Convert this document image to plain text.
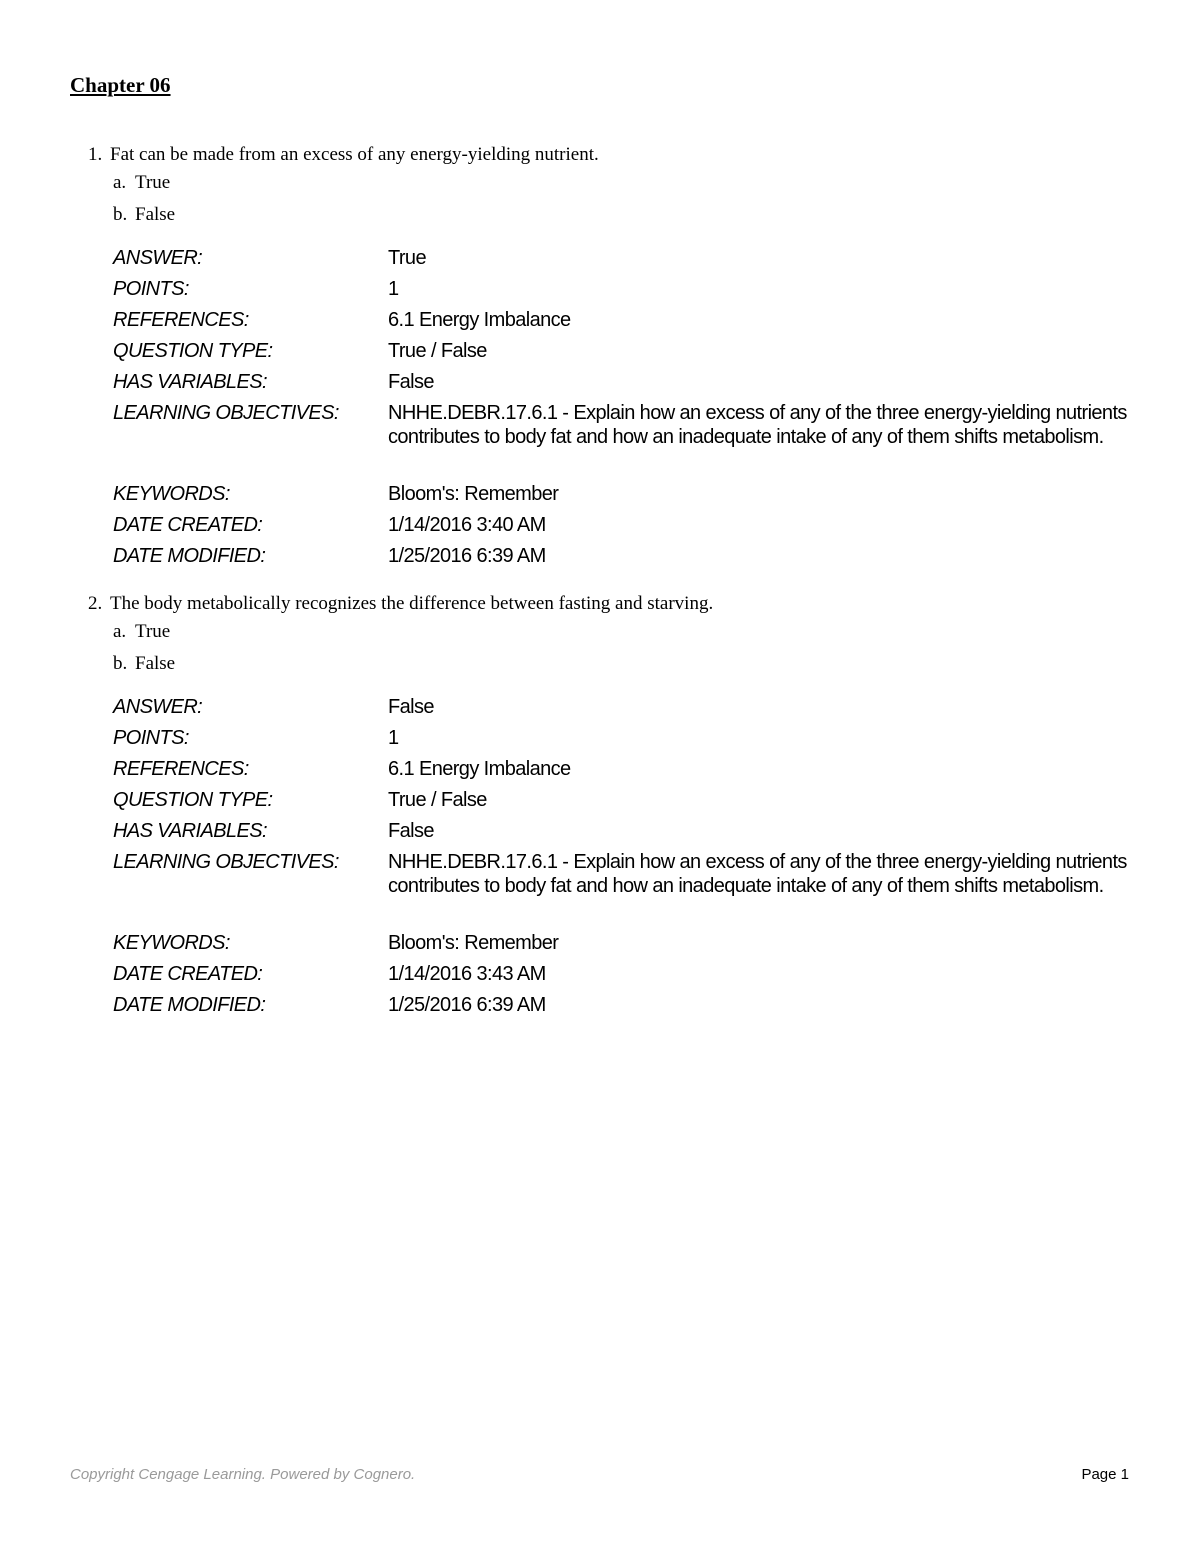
Chapter 06
1. Fat can be made from an excess of any energy-yielding nutrient.
a. True
b. False
ANSWER:	True
POINTS:	1
REFERENCES:	6.1 Energy Imbalance
QUESTION TYPE:	True / False
HAS VARIABLES:	False
LEARNING OBJECTIVES:	NHHE.DEBR.17.6.1 - Explain how an excess of any of the three energy-yielding nutrients contributes to body fat and how an inadequate intake of any of them shifts metabolism.
KEYWORDS:	Bloom's: Remember
DATE CREATED:	1/14/2016 3:40 AM
DATE MODIFIED:	1/25/2016 6:39 AM
2. The body metabolically recognizes the difference between fasting and starving.
a. True
b. False
ANSWER:	False
POINTS:	1
REFERENCES:	6.1 Energy Imbalance
QUESTION TYPE:	True / False
HAS VARIABLES:	False
LEARNING OBJECTIVES:	NHHE.DEBR.17.6.1 - Explain how an excess of any of the three energy-yielding nutrients contributes to body fat and how an inadequate intake of any of them shifts metabolism.
KEYWORDS:	Bloom's: Remember
DATE CREATED:	1/14/2016 3:43 AM
DATE MODIFIED:	1/25/2016 6:39 AM
Copyright Cengage Learning. Powered by Cognero.	Page 1
